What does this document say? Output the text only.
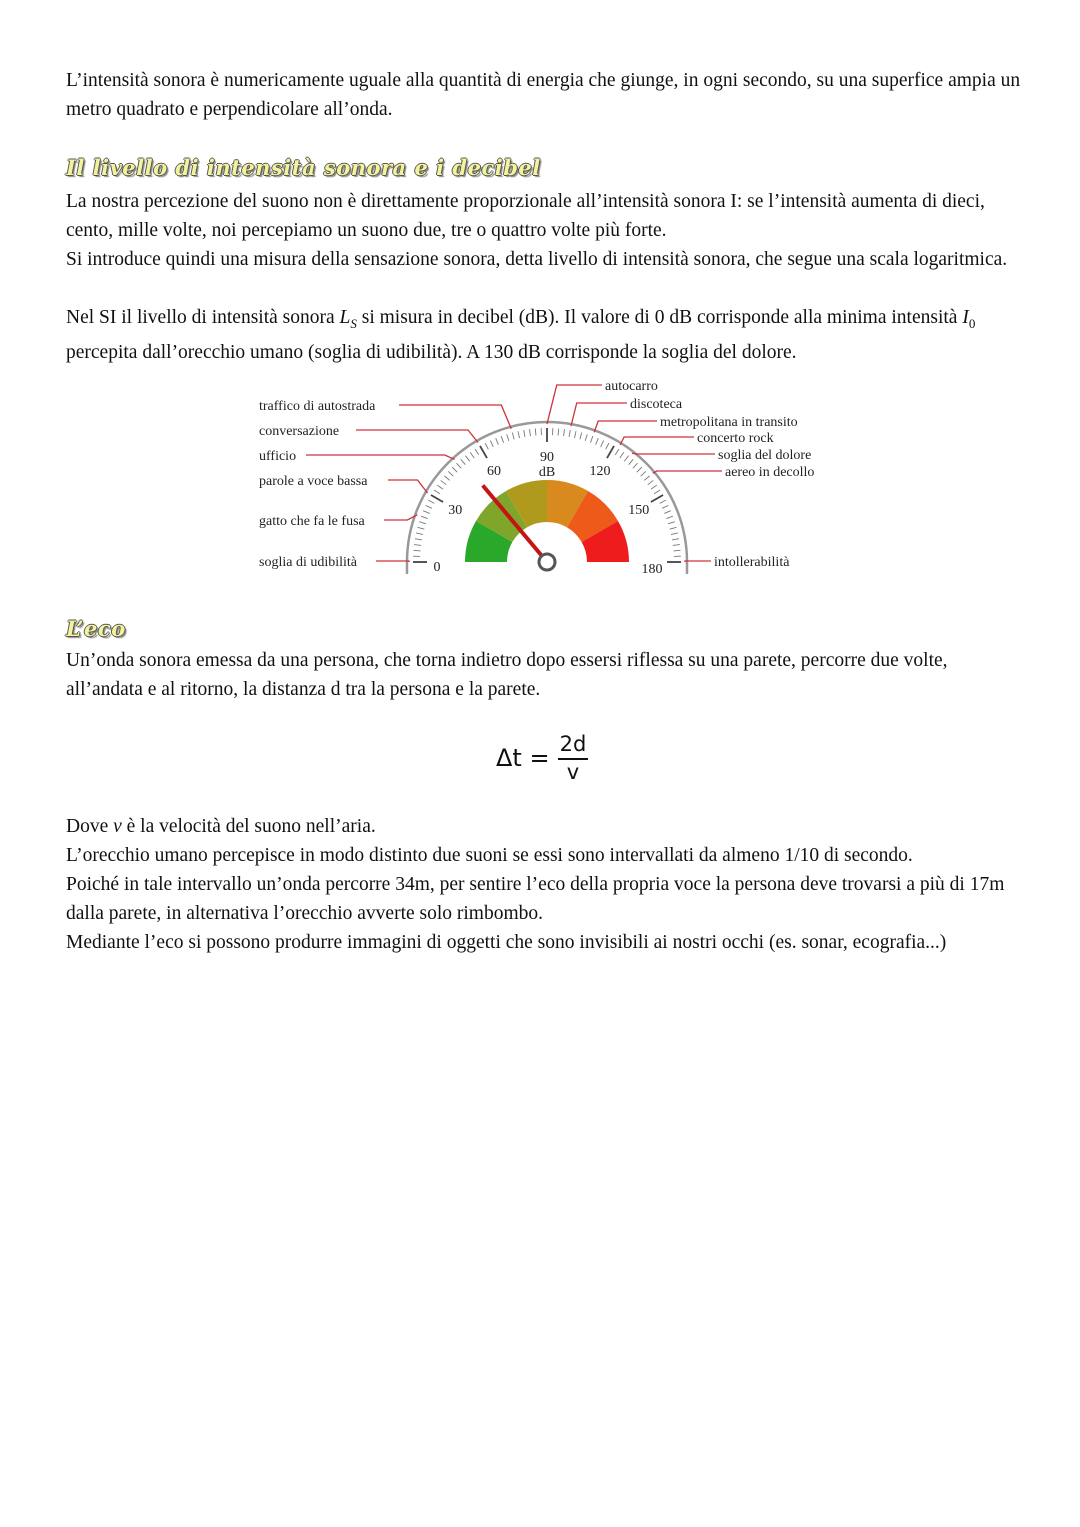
L’intensità sonora è numericamente uguale alla quantità di energia che giunge, in ogni secondo, su una superfice ampia un metro quadrato e perpendicolare all’onda.
Il livello di intensità sonora e i decibel
La nostra percezione del suono non è direttamente proporzionale all’intensità sonora I: se l’intensità aumenta di dieci, cento, mille volte, noi percepiamo un suono due, tre o quattro volte più forte.
Si introduce quindi una misura della sensazione sonora, detta livello di intensità sonora, che segue una scala logaritmica.
Nel SI il livello di intensità sonora $L_S$ si misura in decibel (dB). Il valore di 0 dB corrisponde alla minima intensità $I_0$ percepita dall’orecchio umano (soglia di udibilità). A 130 dB corrisponde la soglia del dolore.
0
30
60
90
dB 120
150
180
traffico di autostrada
conversazione
ufficio
parole a voce bassa
gatto che fa le fusa
soglia di udibilità
autocarro
discoteca
metropolitana in transito
concerto rock
soglia del dolore
aereo in decollo
intollerabilità
L’eco
Un’onda sonora emessa da una persona, che torna indietro dopo essersi riflessa su una parete, percorre due volte, all’andata e al ritorno, la distanza d tra la persona e la parete.
$\Delta t = \frac{2d}{v}$
Dove v è la velocità del suono nell’aria.
L’orecchio umano percepisce in modo distinto due suoni se essi sono intervallati da almeno 1/10 di secondo.
Poiché in tale intervallo un’onda percorre 34m, per sentire l’eco della propria voce la persona deve trovarsi a più di 17m dalla parete, in alternativa l’orecchio avverte solo rimbombo.
Mediante l’eco si possono produrre immagini di oggetti che sono invisibili ai nostri occhi (es. sonar, ecografia...)
